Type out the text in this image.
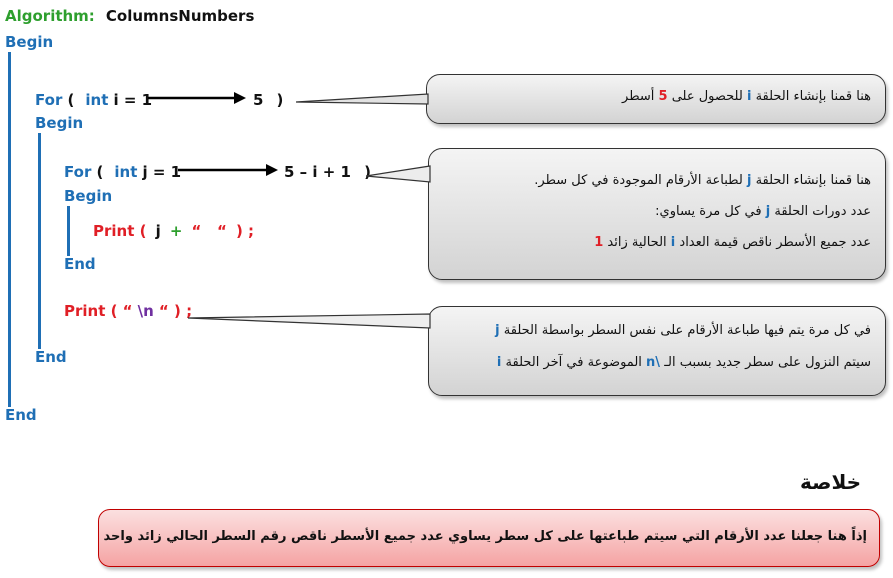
Algorithm: ColumnsNumbers
Begin
End
For ( int i = 1	5 )
Begin
End
For ( int j = 1	5 – i + 1 )
Begin
End
Print ( j + “   “ ) ;
Print ( “ \n “ ) ;
هنا قمنا بإنشاء الحلقة i للحصول على 5 أسطر
هنا قمنا بإنشاء الحلقة j لطباعة الأرقام الموجودة في كل سطر.
عدد دورات الحلقة j في كل مرة يساوي:
عدد جميع الأسطر ناقص قيمة العداد i الحالية زائد 1
في كل مرة يتم فيها طباعة الأرقام على نفس السطر بواسطة الحلقة j
سيتم النزول على سطر جديد بسبب الـ n\ الموضوعة في آخر الحلقة i
خلاصة
إذاً هنا جعلنا عدد الأرقام التي سيتم طباعتها على كل سطر يساوي عدد جميع الأسطر ناقص رقم السطر الحالي زائد واحد
